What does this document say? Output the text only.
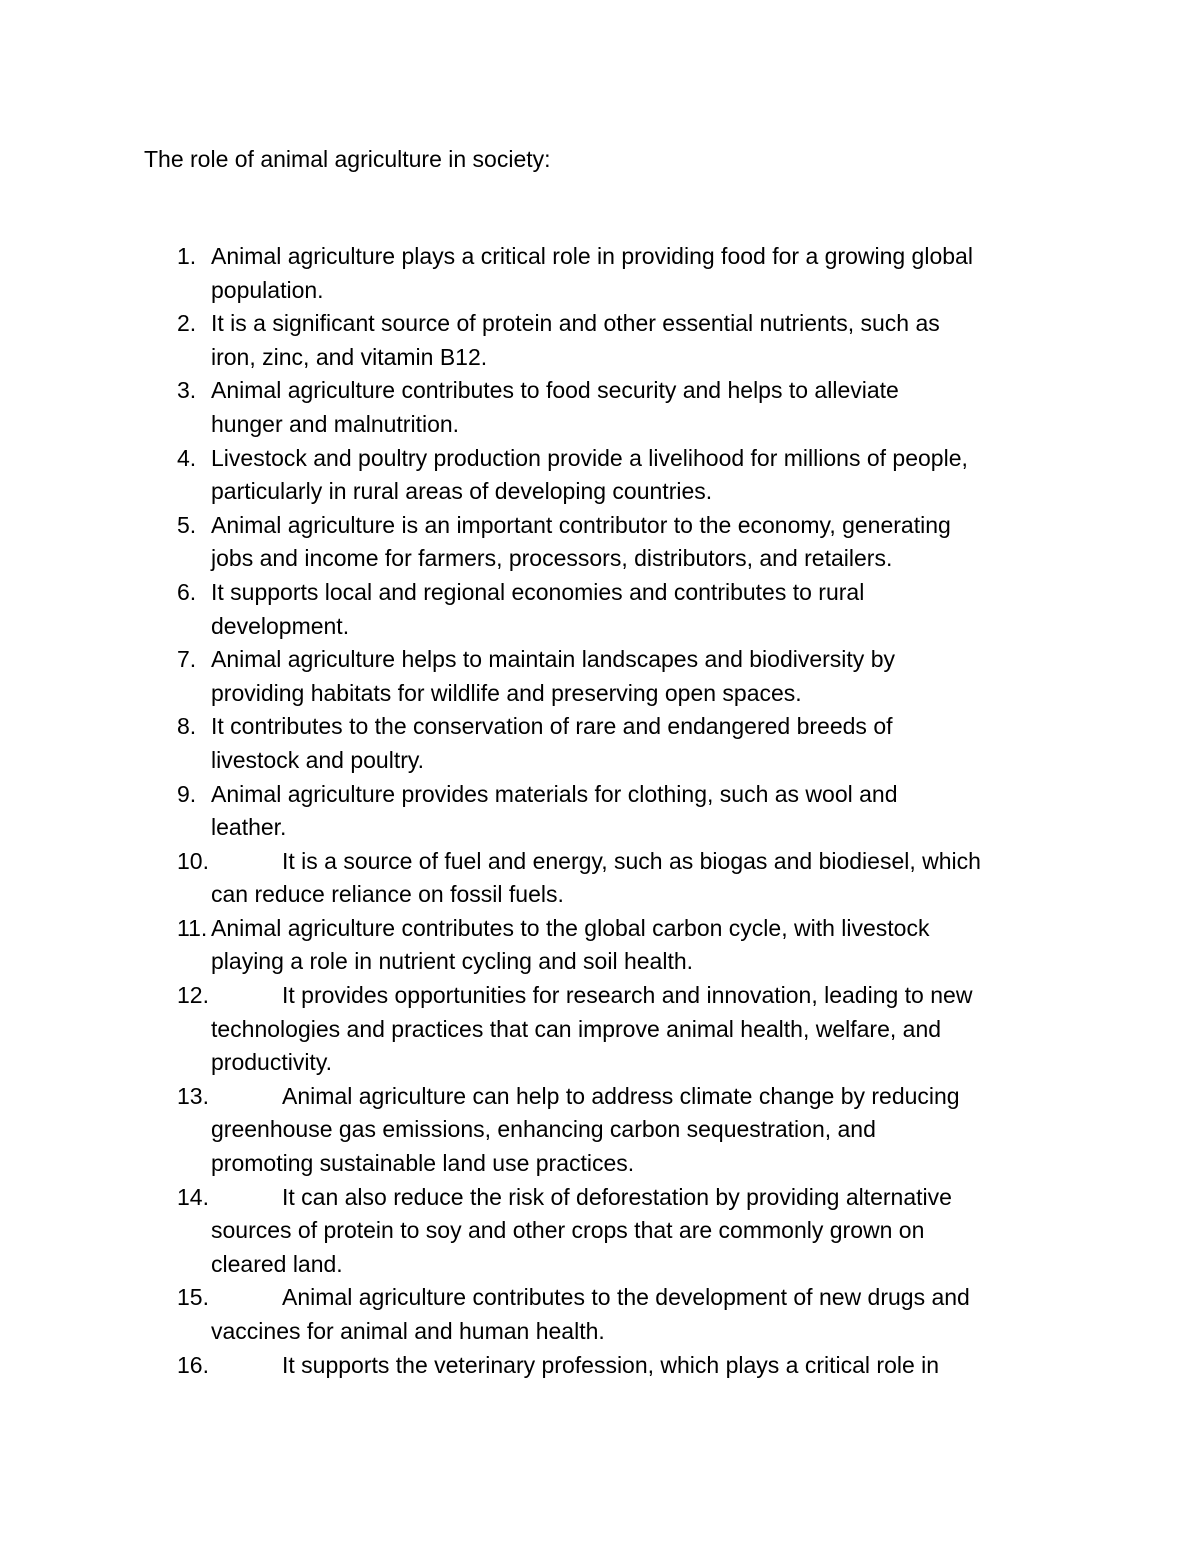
The role of animal agriculture in society:
1. Animal agriculture plays a critical role in providing food for a growing global
population.
2. It is a significant source of protein and other essential nutrients, such as
iron, zinc, and vitamin B12.
3. Animal agriculture contributes to food security and helps to alleviate
hunger and malnutrition.
4. Livestock and poultry production provide a livelihood for millions of people,
particularly in rural areas of developing countries.
5. Animal agriculture is an important contributor to the economy, generating
jobs and income for farmers, processors, distributors, and retailers.
6. It supports local and regional economies and contributes to rural
development.
7. Animal agriculture helps to maintain landscapes and biodiversity by
providing habitats for wildlife and preserving open spaces.
8. It contributes to the conservation of rare and endangered breeds of
livestock and poultry.
9. Animal agriculture provides materials for clothing, such as wool and
leather.
10.	It is a source of fuel and energy, such as biogas and biodiesel, which
can reduce reliance on fossil fuels.
11. Animal agriculture contributes to the global carbon cycle, with livestock
playing a role in nutrient cycling and soil health.
12.	It provides opportunities for research and innovation, leading to new
technologies and practices that can improve animal health, welfare, and
productivity.
13.	Animal agriculture can help to address climate change by reducing
greenhouse gas emissions, enhancing carbon sequestration, and
promoting sustainable land use practices.
14.	It can also reduce the risk of deforestation by providing alternative
sources of protein to soy and other crops that are commonly grown on
cleared land.
15.	Animal agriculture contributes to the development of new drugs and
vaccines for animal and human health.
16.	It supports the veterinary profession, which plays a critical role in
